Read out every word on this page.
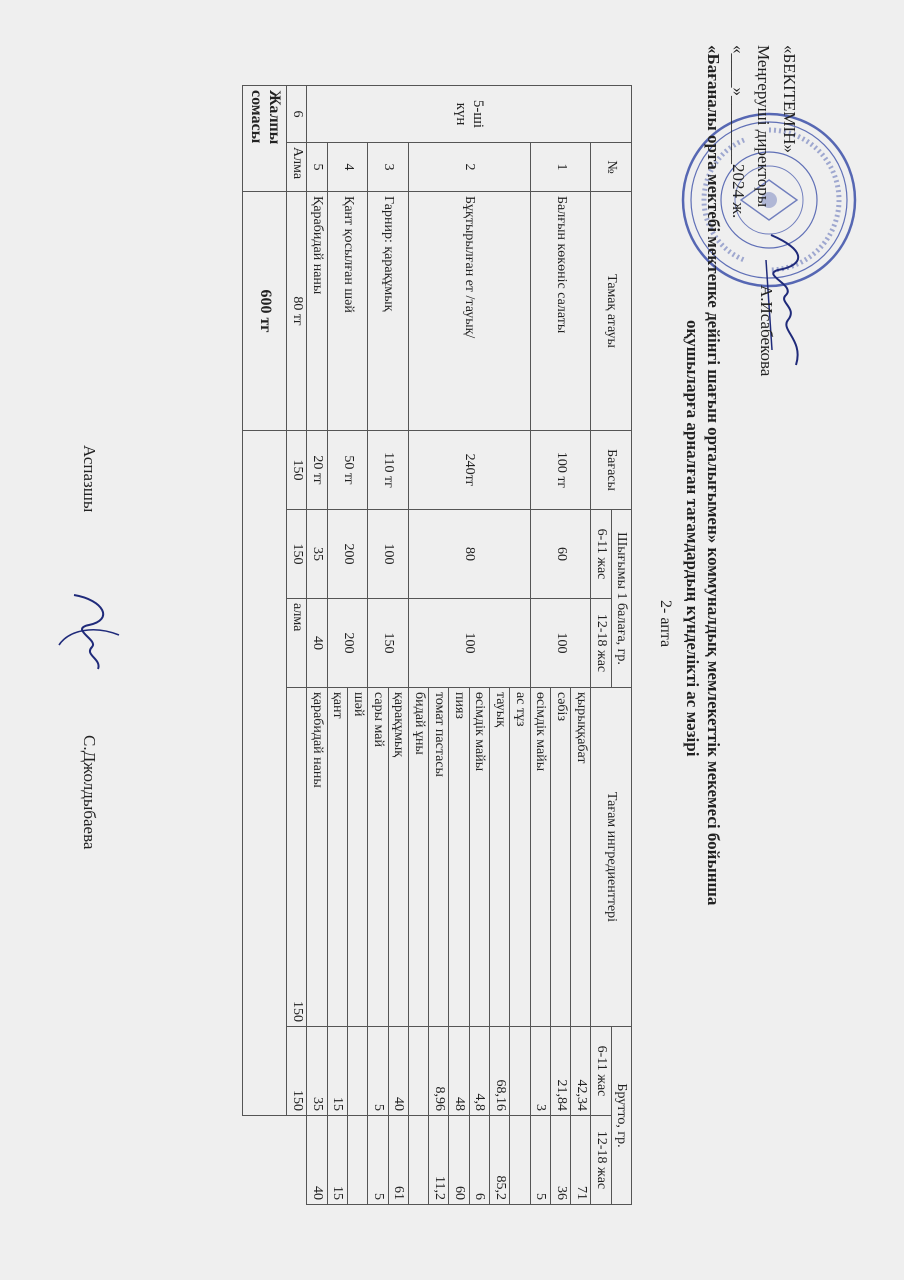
«БЕКІТЕМІН»
Меңгеруші директоры
«____»________2024 ж.
А.Исабекова
«Бағаналы орта мектебі мектепке дейінгі шағын орталығымен» коммуналдық мемлекеттік мекемесі бойынша
оқушыларға арналған тағамдардың күнделікті ас мәзірі
2- апта
5-ші күн	№	Тамақ атауы	Бағасы	Шығымы 1 балаға, гр.		Тағам ингредиенттері	Брутто, гр.	
				6-11 жас	12-18 жас		6-11 жас	12-18 жас
	1	Балғын көкөніс салаты	100 тг	60	100	қырыққабат	42,34	71
						сәбіз	21,84	36
						өсімдік майы	3	5
	2	Бұқтырылған ет /тауық/	240тг	80	100	ас тұз		
						тауық	68,16	85,2
						өсімдік майы	4,8	6
						пияз	48	60
						томат пастасы	8,96	11,2
						бидай ұны		
	3	Гарнир: қарақұмық	110 тг	100	150	қарақұмық	40	61
						сары май	5	5
	4	Қант қосылған шәй	50 тг	200	200	шәй		
						қант	15	15
	5	Қарабидай наны	20 тг	35	40	қарабидай наны	35	40
6	Алма	80 тг	150	150	алма	150	150	
Жалпы сомасы		600 тг						
Аспазшы
С.Джолдыбаева
